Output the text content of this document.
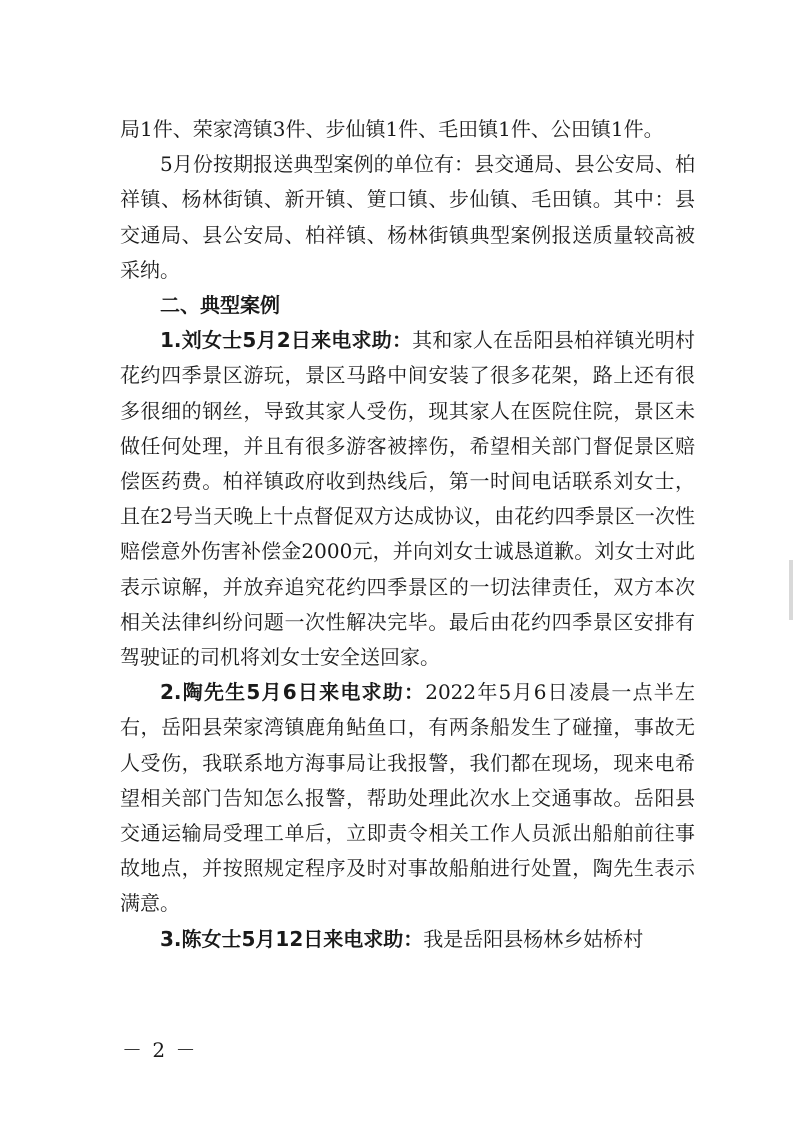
局1件、荣家湾镇3件、步仙镇1件、毛田镇1件、公田镇1件。

5月份按期报送典型案例的单位有：县交通局、县公安局、柏祥镇、杨林街镇、新开镇、筻口镇、步仙镇、毛田镇。其中：县交通局、县公安局、柏祥镇、杨林街镇典型案例报送质量较高被采纳。

二、典型案例

1.刘女士5月2日来电求助：其和家人在岳阳县柏祥镇光明村花约四季景区游玩，景区马路中间安装了很多花架，路上还有很多很细的钢丝，导致其家人受伤，现其家人在医院住院，景区未做任何处理，并且有很多游客被摔伤，希望相关部门督促景区赔偿医药费。柏祥镇政府收到热线后，第一时间电话联系刘女士，且在2号当天晚上十点督促双方达成协议，由花约四季景区一次性赔偿意外伤害补偿金2000元，并向刘女士诚恳道歉。刘女士对此表示谅解，并放弃追究花约四季景区的一切法律责任，双方本次相关法律纠纷问题一次性解决完毕。最后由花约四季景区安排有驾驶证的司机将刘女士安全送回家。

2.陶先生5月6日来电求助：2022年5月6日凌晨一点半左右，岳阳县荣家湾镇鹿角鲇鱼口，有两条船发生了碰撞，事故无人受伤，我联系地方海事局让我报警，我们都在现场，现来电希望相关部门告知怎么报警，帮助处理此次水上交通事故。岳阳县交通运输局受理工单后，立即责令相关工作人员派出船舶前往事故地点，并按照规定程序及时对事故船舶进行处置，陶先生表示满意。

3.陈女士5月12日来电求助：我是岳阳县杨林乡姑桥村

－ 2 －
